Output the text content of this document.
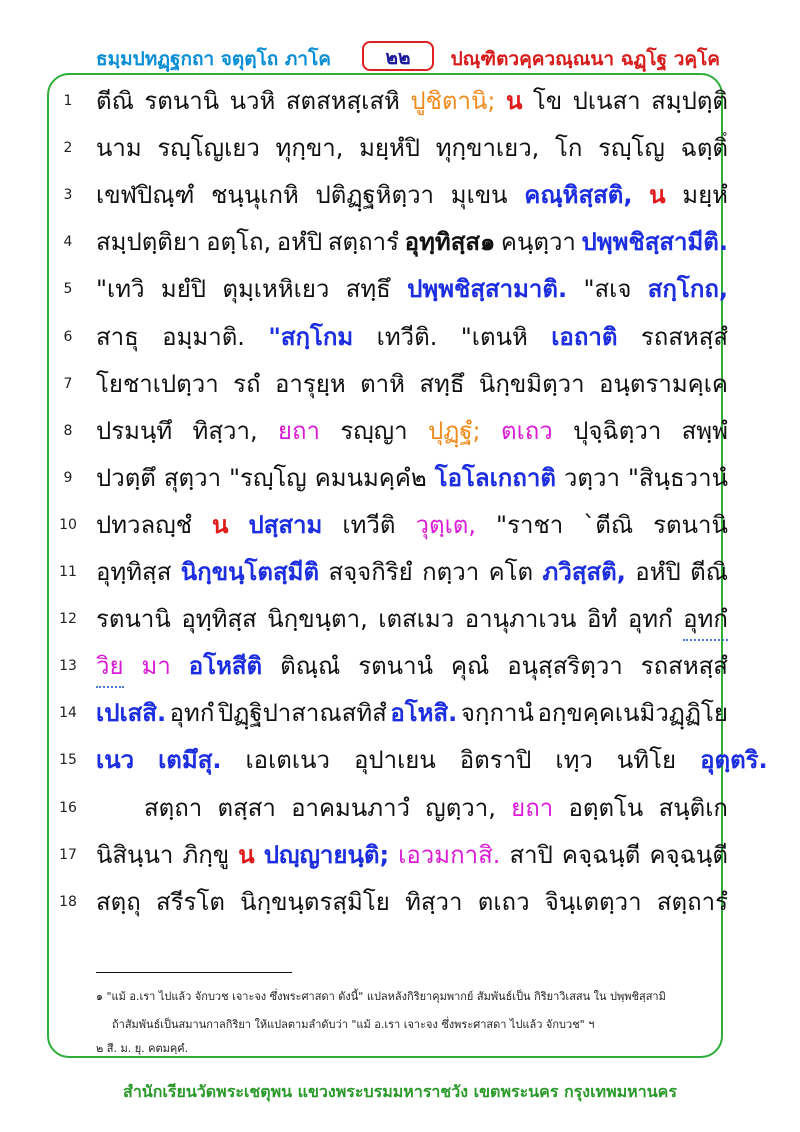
ธมฺมปทฏฺฐกถา จตุตฺโถ ภาโค	๒๒	ปณฺฑิตวคฺควณฺณนา ฉฏฺโฐ วคฺโค
1 ตีณิ รตนานิ นวหิ สตสหสฺเสหิ ปูชิตานิ; น โข ปเนสา สมฺปตฺติ
2 นาม รญฺโญเยว ทุกฺขา, มยฺหํปิ ทุกฺขาเยว, โก รญฺโญ ฉตฺติํ
3 เขฬปิณฺฑํ ชนฺนุเกหิ ปติฏฺฐหิตฺวา มุเขน คณฺหิสฺสติ, น มยฺหํ
4 สมฺปตฺติยา อตฺโถ, อหํปิ สตฺถารํ อุทฺทิสฺส๑ คนฺตฺวา ปพฺพชิสฺสามีติ.
5 "เทวิ มยํปิ ตุมฺเหหิเยว สทฺธึ ปพฺพชิสฺสามาติ. "สเจ สกฺโกถ,
6 สาธุ อมฺมาติ. "สกฺโกม เทวีติ. "เตนหิ เอถาติ รถสหสฺสํ
7 โยชาเปตฺวา รถํ อารุยฺห ตาหิ สทฺธึ นิกฺขมิตฺวา อนฺตรามคฺเค
8 ปรมนฺทึ ทิสฺวา, ยถา รญฺญา ปุฏฺฐํ; ตเถว ปุจฺฉิตฺวา สพฺพํ
9 ปวตฺตึ สุตฺวา "รญฺโญ คมนมคฺคํ๒ โอโลเกถาติ วตฺวา "สินฺธวานํ
10 ปทวลญฺชํ น ปสฺสาม เทวีติ วุตฺเต, "ราชา `ตีณิ รตนานิ
11 อุทฺทิสฺส นิกฺขนฺโตสฺมีติ สจฺจกิริยํ กตฺวา คโต ภวิสฺสติ, อหํปิ ตีณิ
12 รตนานิ อุทฺทิสฺส นิกฺขนฺตา, เตสเมว อานุภาเวน อิทํ อุทกํ อุทกํ
13 วิย มา อโหสีติ ติณฺณํ รตนานํ คุณํ อนุสฺสริตฺวา รถสหสฺสํ
14 เปเสสิ. อุทกํ ปิฏฺฐิปาสาณสทิสํ อโหสิ. จกฺกานํ อกฺขคฺคเนมิวฏฺฏิโย
15 เนว เตมึสุ. เอเตเนว อุปาเยน อิตราปิ เทฺว นทิโย อุตฺตริ.
16	สตฺถา ตสฺสา อาคมนภาวํ ญตฺวา, ยถา อตฺตโน สนฺติเก
17 นิสินฺนา ภิกฺขู น ปญฺญายนฺติ; เอวมกาสิ. สาปิ คจฺฉนฺตี คจฺฉนฺตี
18 สตฺถุ สรีรโต นิกฺขนฺตรสฺมิโย ทิสฺวา ตเถว จินฺเตตฺวา สตฺถารํ
๑ "แม้ อ.เรา ไปแล้ว จักบวช เจาะจง ซึ่งพระศาสดา ดังนี้" แปลหลังกิริยาคุมพากย์ สัมพันธ์เป็น กิริยาวิเสสน ใน ปพฺพชิสฺสามิ
ถ้าสัมพันธ์เป็นสมานกาลกิริยา ให้แปลตามลำดับว่า "แม้ อ.เรา เจาะจง ซึ่งพระศาสดา ไปแล้ว จักบวช" ฯ
๒ สี. ม. ยุ. คตมคฺคํ.
สำนักเรียนวัดพระเชตุพน แขวงพระบรมมหาราชวัง เขตพระนคร กรุงเทพมหานคร
